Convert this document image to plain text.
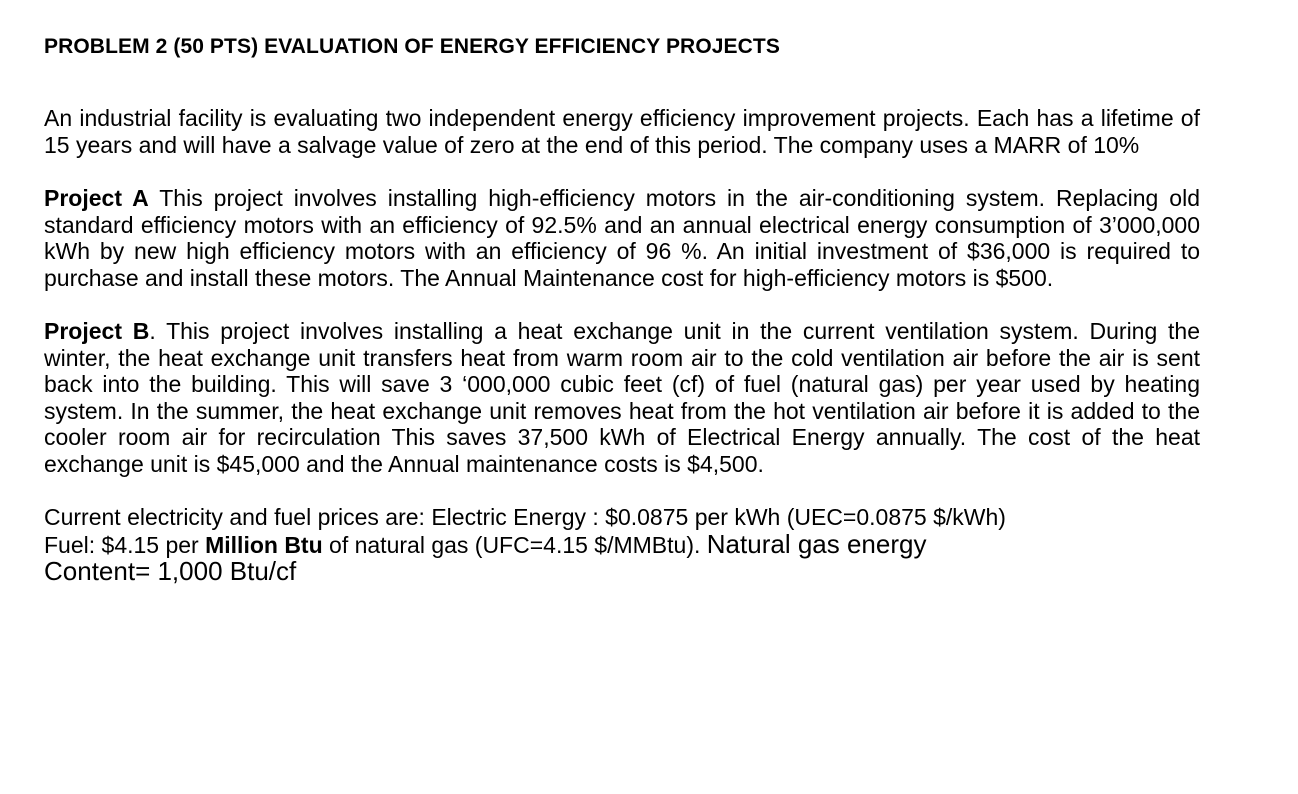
PROBLEM 2 (50 PTS) EVALUATION OF ENERGY EFFICIENCY PROJECTS

An industrial facility is evaluating two independent energy efficiency improvement projects. Each has a lifetime of 15 years and will have a salvage value of zero at the end of this period. The company uses a MARR of 10%

Project A This project involves installing high-efficiency motors in the air-conditioning system. Replacing old standard efficiency motors with an efficiency of 92.5% and an annual electrical energy consumption of 3’000,000 kWh by new high efficiency motors with an efficiency of 96 %. An initial investment of $36,000 is required to purchase and install these motors. The Annual Maintenance cost for high-efficiency motors is $500.

Project B. This project involves installing a heat exchange unit in the current ventilation system. During the winter, the heat exchange unit transfers heat from warm room air to the cold ventilation air before the air is sent back into the building. This will save 3 ‘000,000 cubic feet (cf) of fuel (natural gas) per year used by heating system. In the summer, the heat exchange unit removes heat from the hot ventilation air before it is added to the cooler room air for recirculation This saves 37,500 kWh of Electrical Energy annually. The cost of the heat exchange unit is $45,000 and the Annual maintenance costs is $4,500.

Current electricity and fuel prices are: Electric Energy : $0.0875 per kWh (UEC=0.0875 $/kWh)
Fuel: $4.15 per Million Btu of natural gas (UFC=4.15 $/MMBtu). Natural gas energy
Content= 1,000 Btu/cf
